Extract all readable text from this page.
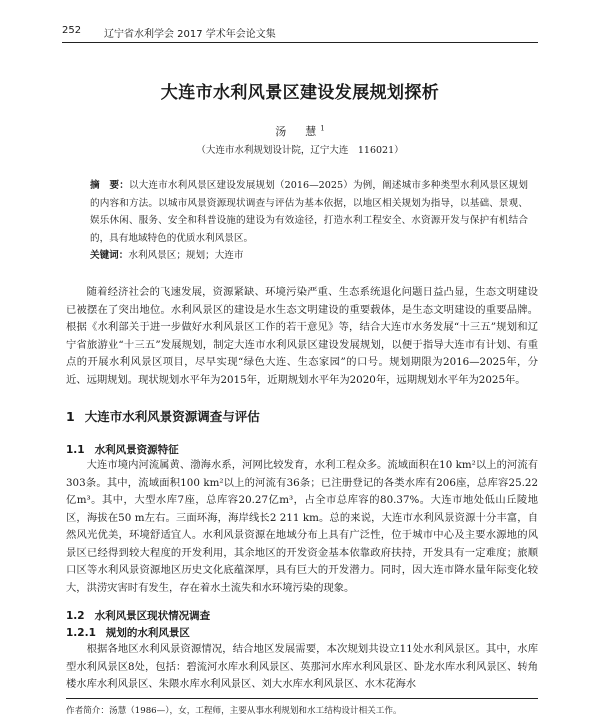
252 辽宁省水利学会 2017 学术年会论文集
大连市水利风景区建设发展规划探析
汤　慧$^1$
（大连市水利规划设计院，辽宁大连　116021）
摘　要：以大连市水利风景区建设发展规划（2016—2025）为例，阐述城市多种类型水利风景区规划的内容和方法。以城市风景资源现状调查与评估为基本依据，以地区相关规划为指导，以基础、景观、娱乐休闲、服务、安全和科普设施的建设为有效途径，打造水利工程安全、水资源开发与保护有机结合的，具有地域特色的优质水利风景区。
关键词：水利风景区；规划；大连市

随着经济社会的飞速发展，资源紧缺、环境污染严重、生态系统退化问题日益凸显，生态文明建设已被摆在了突出地位。水利风景区的建设是水生态文明建设的重要载体，是生态文明建设的重要品牌。根据《水利部关于进一步做好水利风景区工作的若干意见》等，结合大连市水务发展“十三五”规划和辽宁省旅游业“十三五”发展规划，制定大连市水利风景区建设发展规划，以便于指导大连市有计划、有重点的开展水利风景区项目，尽早实现“绿色大连、生态家园”的口号。规划期限为2016—2025年，分近、远期规划。现状规划水平年为2015年，近期规划水平年为2020年，远期规划水平年为2025年。

1 大连市水利风景资源调查与评估
1.1 水利风景资源特征

大连市境内河流属黄、渤海水系，河网比较发育，水利工程众多。流域面积在10 km²以上的河流有303条。其中，流域面积100 km²以上的河流有36条；已注册登记的各类水库有206座，总库容25.22亿m³。其中，大型水库7座，总库容20.27亿m³，占全市总库容的80.37%。大连市地处低山丘陵地区，海拔在50 m左右。三面环海，海岸线长2 211 km。总的来说，大连市水利风景资源十分丰富，自然风光优美，环境舒适宜人。水利风景资源在地域分布上具有广泛性，位于城市中心及主要水源地的风景区已经得到较大程度的开发利用，其余地区的开发资金基本依靠政府扶持，开发具有一定难度；旅顺口区等水利风景资源地区历史文化底蕴深厚，具有巨大的开发潜力。同时，因大连市降水量年际变化较大，洪涝灾害时有发生，存在着水土流失和水环境污染的现象。

1.2 水利风景区现状情况调查
1.2.1 规划的水利风景区

根据各地区水利风景资源情况，结合地区发展需要，本次规划共设立11处水利风景区。其中，水库型水利风景区8处，包括：碧流河水库水利风景区、英那河水库水利风景区、卧龙水库水利风景区、转角楼水库水利风景区、朱隈水库水利风景区、刘大水库水利风景区、水木花海水

作者简介：汤慧（1986—），女，工程师，主要从事水利规划和水工结构设计相关工作。
